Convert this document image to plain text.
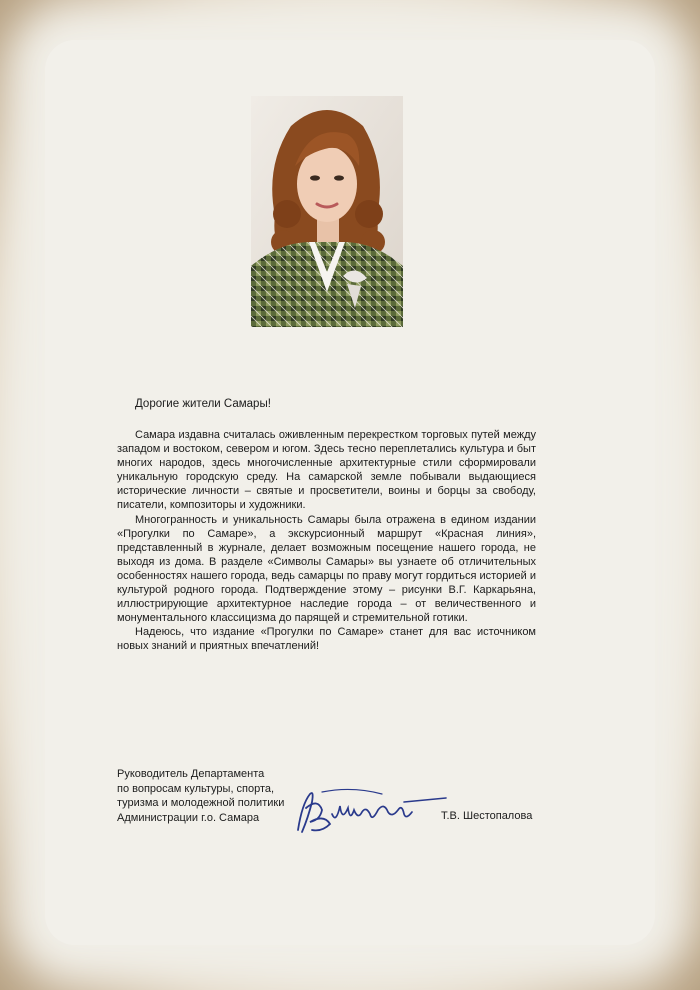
Дорогие жители Самары!

Самара издавна считалась оживленным перекрестком торговых путей между западом и востоком, севером и югом. Здесь тесно переплетались культура и быт многих народов, здесь многочисленные архитектурные стили сформировали уникальную городскую среду. На самарской земле побывали выдающиеся исторические личности – святые и просветители, воины и борцы за свободу, писатели, композиторы и художники.

Многогранность и уникальность Самары была отражена в едином издании «Прогулки по Самаре», а экскурсионный маршрут «Красная линия», представленный в журнале, делает возможным посещение нашего города, не выходя из дома. В разделе «Символы Самары» вы узнаете об отличительных особенностях нашего города, ведь самарцы по праву могут гордиться историей и культурой родного города. Подтверждение этому – рисунки В.Г. Каркарьяна, иллюстрирующие архитектурное наследие города – от величественного и монументального классицизма до парящей и стремительной готики.

Надеюсь, что издание «Прогулки по Самаре» станет для вас источником новых знаний и приятных впечатлений!

Руководитель Департамента
по вопросам культуры, спорта,
туризма и молодежной политики
Администрации г.о. Самара	Т.В. Шестопалова
